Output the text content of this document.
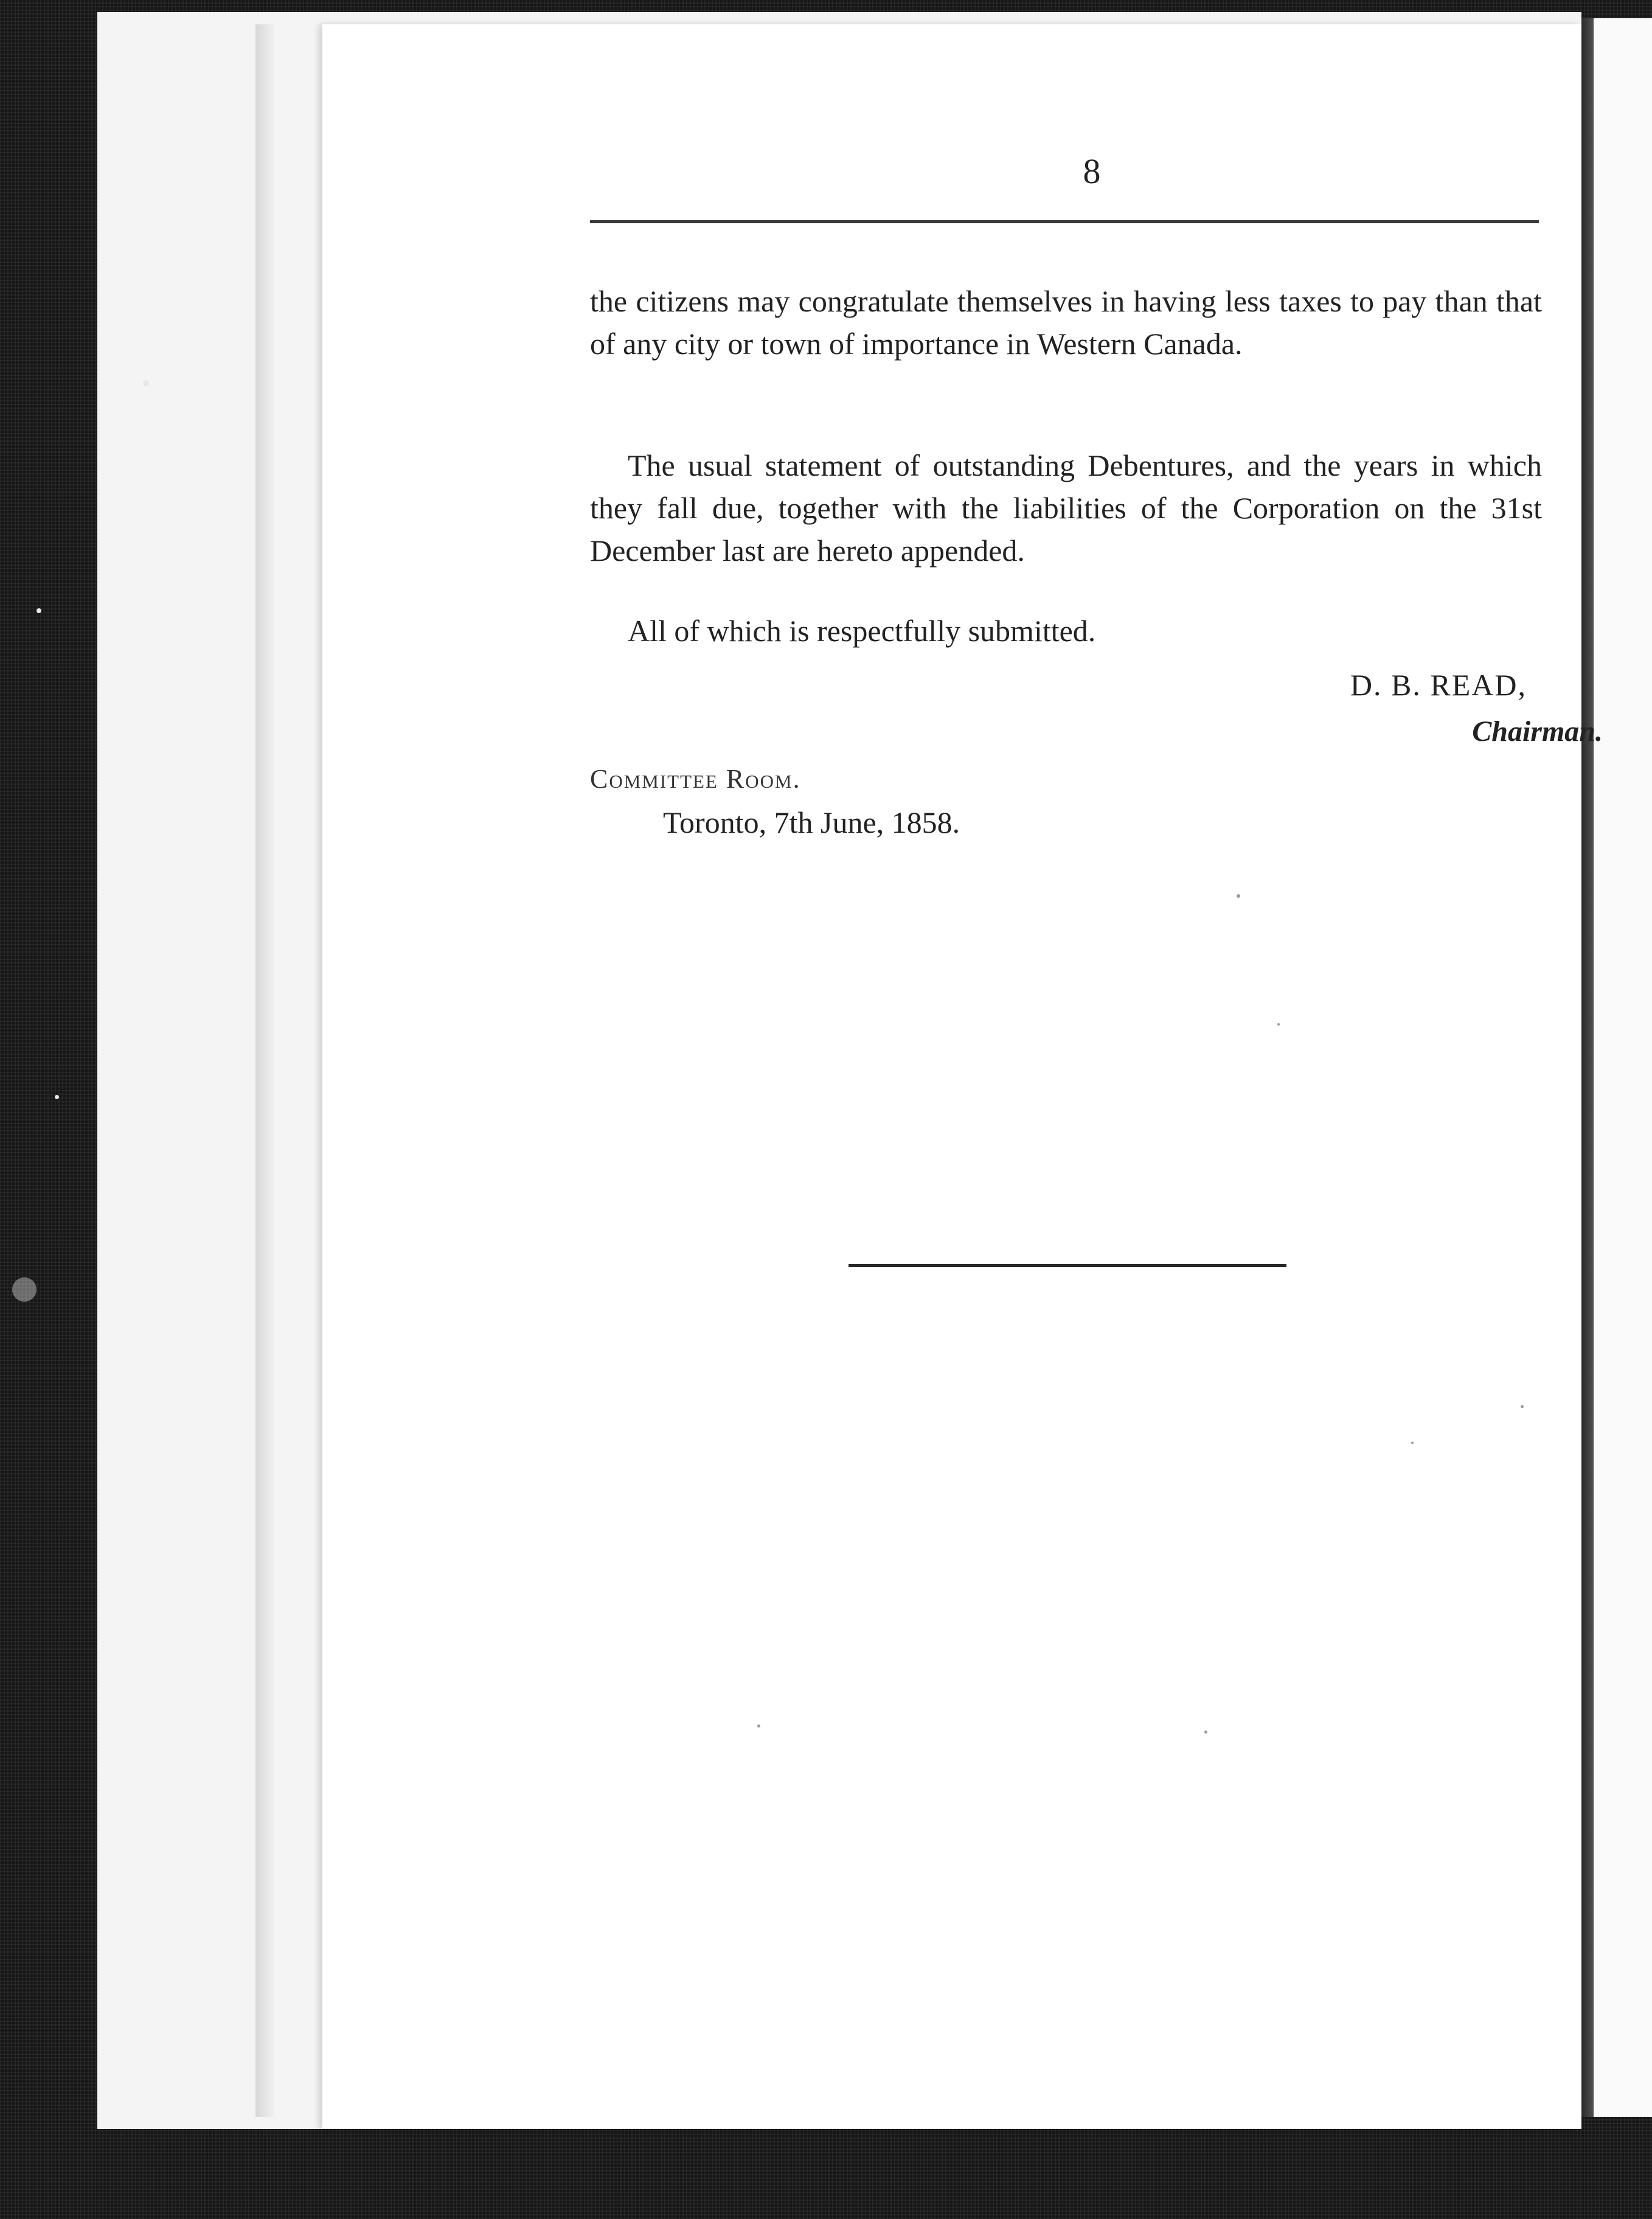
8
the citizens may congratulate themselves in having less taxes to pay than that of any city or town of importance in Western Canada.
The usual statement of outstanding Debentures, and the years in which they fall due, together with the liabilities of the Corporation on the 31st December last are hereto appended.
All of which is respectfully submitted.
D. B. READ,
Chairman.
Committee Room.
Toronto, 7th June, 1858.
